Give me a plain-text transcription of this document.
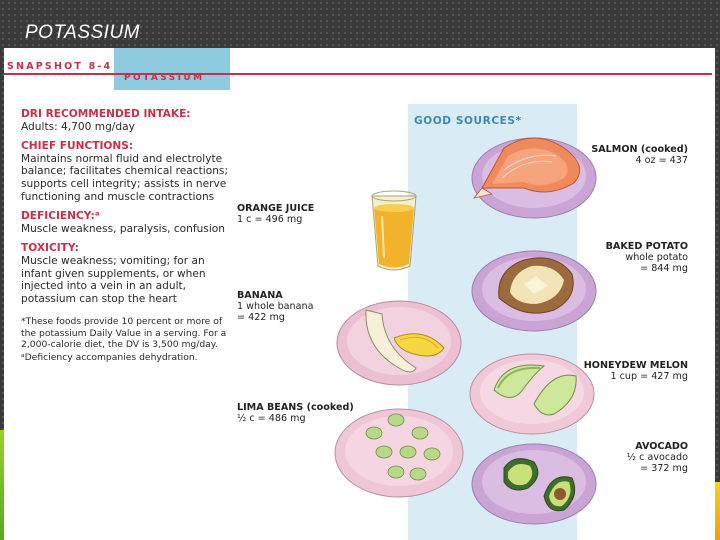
POTASSIUM
SNAPSHOT 8-4
POTASSIUM
DRI RECOMMENDED INTAKE:

Adults: 4,700 mg/day

CHIEF FUNCTIONS:

Maintains normal fluid and electrolyte balance; facilitates chemical reactions; supports cell integrity; assists in nerve functioning and muscle contractions

DEFICIENCY:ᵃ

Muscle weakness, paralysis, confusion

TOXICITY:

Muscle weakness; vomiting; for an infant given supplements, or when injected into a vein in an adult, potassium can stop the heart

*These foods provide 10 percent or more of the potassium Daily Value in a serving. For a 2,000-calorie diet, the DV is 3,500 mg/day.

ᵃDeficiency accompanies dehydration.

GOOD SOURCES*
ORANGE JUICE
1 c = 496 mg
BANANA
1 whole banana
= 422 mg
LIMA BEANS (cooked)
½ c = 486 mg
SALMON (cooked)
4 oz = 437
BAKED POTATO
whole potato
= 844 mg
HONEYDEW MELON
1 cup = 427 mg
AVOCADO
½ c avocado
= 372 mg
